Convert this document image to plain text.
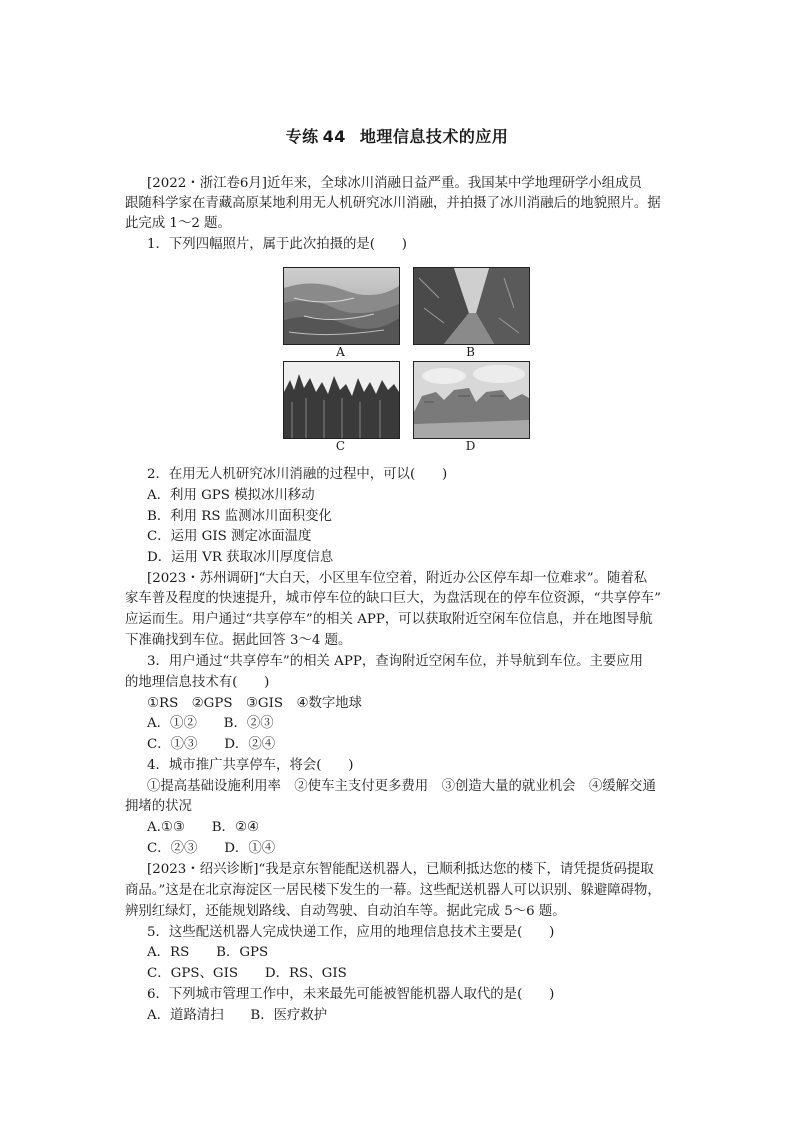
专练 44 地理信息技术的应用
[2022・浙江卷6月]近年来，全球冰川消融日益严重。我国某中学地理研学小组成员
跟随科学家在青藏高原某地利用无人机研究冰川消融，并拍摄了冰川消融后的地貌照片。据
此完成 1～2 题。
1．下列四幅照片，属于此次拍摄的是(　　)
A	B
C	D
2．在用无人机研究冰川消融的过程中，可以(　　)
A．利用 GPS 模拟冰川移动
B．利用 RS 监测冰川面积变化
C．运用 GIS 测定冰面温度
D．运用 VR 获取冰川厚度信息
[2023・苏州调研]“大白天，小区里车位空着，附近办公区停车却一位难求”。随着私
家车普及程度的快速提升，城市停车位的缺口巨大，为盘活现在的停车位资源，“共享停车”
应运而生。用户通过“共享停车”的相关 APP，可以获取附近空闲车位信息，并在地图导航
下准确找到车位。据此回答 3～4 题。
3．用户通过“共享停车”的相关 APP，查询附近空闲车位，并导航到车位。主要应用
的地理信息技术有(　　)
①RS　②GPS　③GIS　④数字地球
A．①②　　B．②③
C．①③　　D．②④
4．城市推广共享停车，将会(　　)
①提高基础设施利用率　②使车主支付更多费用　③创造大量的就业机会　④缓解交通
拥堵的状况
A.①③　　B．②④
C．②③　　D．①④
[2023・绍兴诊断]“我是京东智能配送机器人，已顺利抵达您的楼下，请凭提货码提取
商品。”这是在北京海淀区一居民楼下发生的一幕。这些配送机器人可以识别、躲避障碍物，
辨别红绿灯，还能规划路线、自动驾驶、自动泊车等。据此完成 5～6 题。
5．这些配送机器人完成快递工作，应用的地理信息技术主要是(　　)
A．RS　　B．GPS
C．GPS、GIS　　D．RS、GIS
6．下列城市管理工作中，未来最先可能被智能机器人取代的是(　　)
A．道路清扫　　B．医疗救护
